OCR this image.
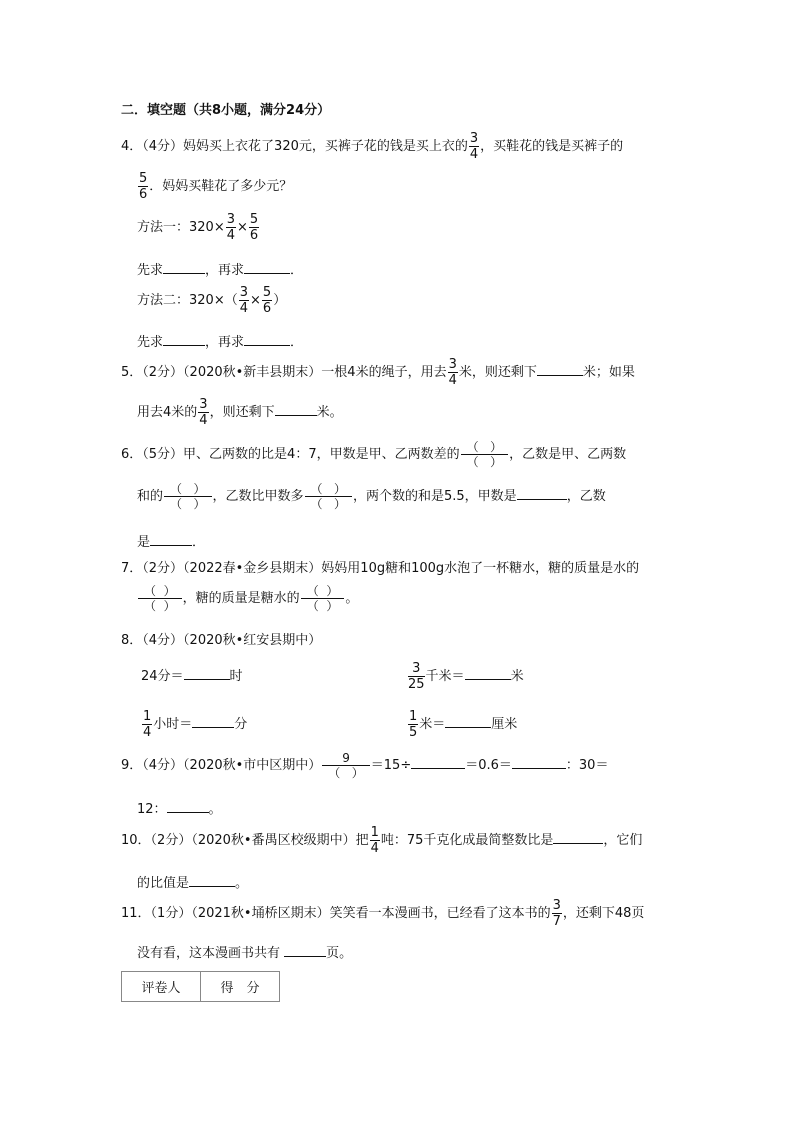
二．填空题（共8小题，满分24分）
4．（4分）妈妈买上衣花了320元，买裤子花的钱是买上衣的 $\frac{3}{4}$ ，买鞋花的钱是买裤子的
$\frac{5}{6}$ ．妈妈买鞋花了多少元？
方法一：$320\times \frac{3}{4} \times \frac{5}{6}$
先求	，再求	．
方法二：$320\times( \frac{3}{4} \times \frac{5}{6}$ ）
先求	，再求	．
5．（2分）（2020秋•新丰县期末）一根4米的绳子，用去 $\frac{3}{4}$ 米，则还剩下	米；如果
用去4米的 $\frac{3}{4}$ ，则还剩下	米。
6．（5分）甲、乙两数的比是4：7，甲数是甲、乙两数差的 （ ）
（ ） ，乙数是甲、乙两数
和的 （ ）
（ ） ，乙数比甲数多 （ ）
（ ） ，两个数的和是5.5，甲数是	，乙数
是	．
7．（2分）（2022春•金乡县期末）妈妈用10g糖和100g水泡了一杯糖水，糖的质量是水的
（ ）
（ ） ，糖的质量是糖水的 （ ）
（ ） 。
8．（4分）（2020秋•红安县期中）
24分＝	时	$\frac{3}{25}$ 千米＝	米
$\frac{1}{4}$ 小时＝	分	$\frac{1}{5}$ 米＝	厘米
9．（4分）（2020秋•市中区期中）	9
（ ） ＝15÷	＝0.6＝	：30＝
12：	。
10．（2分）（2020秋•番禺区校级期中）把 $\frac{1}{4}$ 吨：75千克化成最简整数比是	，它们
的比值是	。
11．（1分）（2021秋•埇桥区期末）笑笑看一本漫画书，已经看了这本书的 $\frac{3}{7}$ ，还剩下48页
没有看，这本漫画书共有	页。
评卷人	得　分
